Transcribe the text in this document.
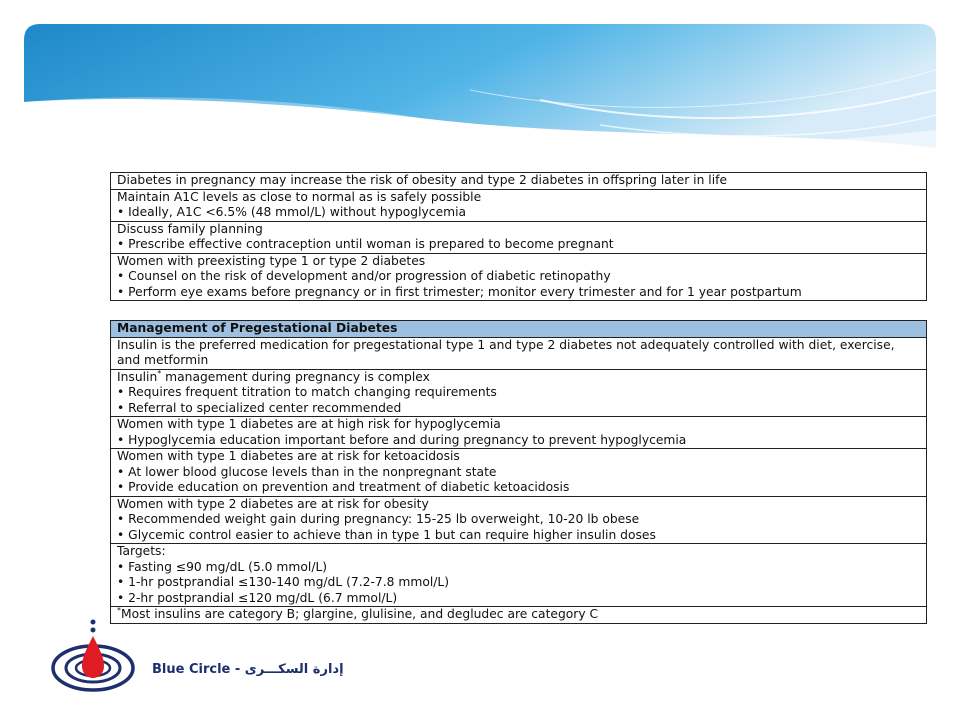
Diabetes in pregnancy may increase the risk of obesity and type 2 diabetes in offspring later in life

Maintain A1C levels as close to normal as is safely possible
• Ideally, A1C <6.5% (48 mmol/L) without hypoglycemia

Discuss family planning
• Prescribe effective contraception until woman is prepared to become pregnant

Women with preexisting type 1 or type 2 diabetes
• Counsel on the risk of development and/or progression of diabetic retinopathy
• Perform eye exams before pregnancy or in first trimester; monitor every trimester and for 1 year postpartum
Management of Pregestational Diabetes

Insulin is the preferred medication for pregestational type 1 and type 2 diabetes not adequately controlled with diet, exercise, and metformin

Insulin* management during pregnancy is complex
• Requires frequent titration to match changing requirements
• Referral to specialized center recommended

Women with type 1 diabetes are at high risk for hypoglycemia
• Hypoglycemia education important before and during pregnancy to prevent hypoglycemia

Women with type 1 diabetes are at risk for ketoacidosis
• At lower blood glucose levels than in the nonpregnant state
• Provide education on prevention and treatment of diabetic ketoacidosis

Women with type 2 diabetes are at risk for obesity
• Recommended weight gain during pregnancy: 15-25 lb overweight, 10-20 lb obese
• Glycemic control easier to achieve than in type 1 but can require higher insulin doses

Targets:
• Fasting ≤90 mg/dL (5.0 mmol/L)
• 1-hr postprandial ≤130-140 mg/dL (7.2-7.8 mmol/L)
• 2-hr postprandial ≤120 mg/dL (6.7 mmol/L)

*Most insulins are category B; glargine, glulisine, and degludec are category C
Blue Circle - إدارة السكـــرى
